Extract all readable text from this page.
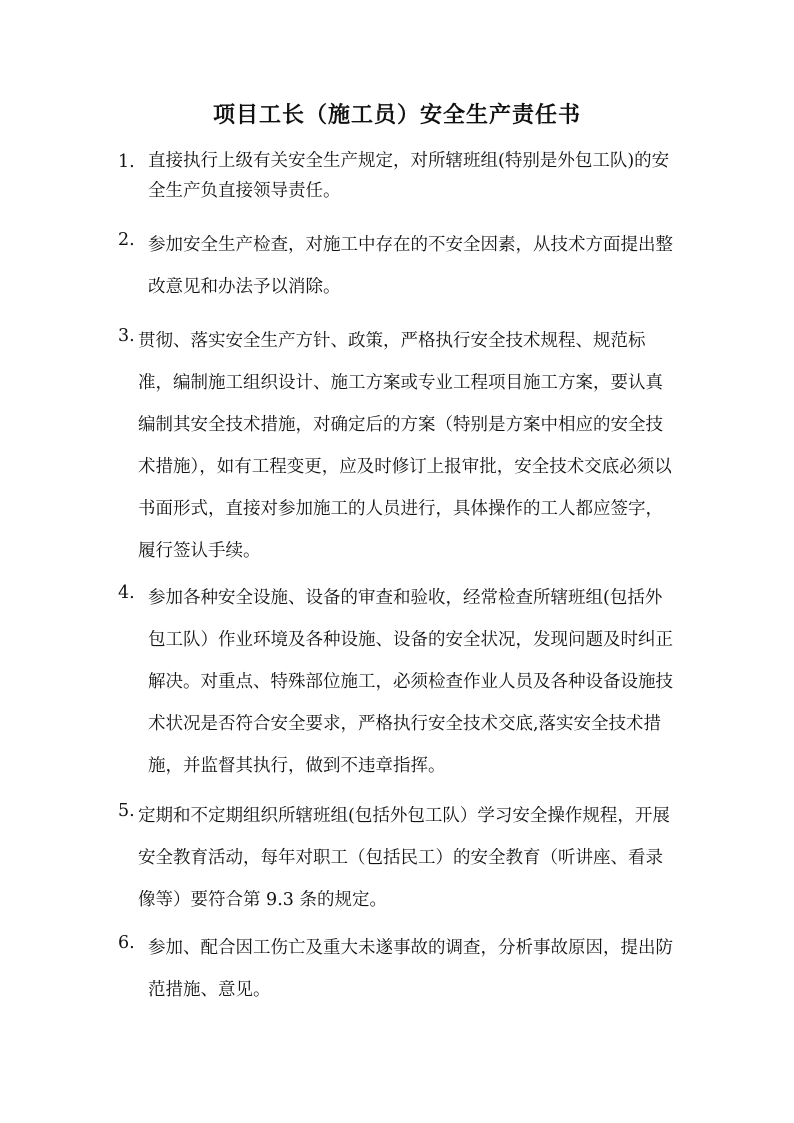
项目工长（施工员）安全生产责任书
1. 直接执行上级有关安全生产规定，对所辖班组(特别是外包工队)的安全生产负直接领导责任。
2. 参加安全生产检查，对施工中存在的不安全因素，从技术方面提出整改意见和办法予以消除。
3. 贯彻、落实安全生产方针、政策，严格执行安全技术规程、规范标准，编制施工组织设计、施工方案或专业工程项目施工方案，要认真编制其安全技术措施，对确定后的方案（特别是方案中相应的安全技术措施），如有工程变更，应及时修订上报审批，安全技术交底必须以书面形式，直接对参加施工的人员进行，具体操作的工人都应签字，履行签认手续。
4. 参加各种安全设施、设备的审查和验收，经常检查所辖班组(包括外包工队）作业环境及各种设施、设备的安全状况，发现问题及时纠正解决。对重点、特殊部位施工，必须检查作业人员及各种设备设施技术状况是否符合安全要求，严格执行安全技术交底,落实安全技术措施，并监督其执行，做到不违章指挥。
5. 定期和不定期组织所辖班组(包括外包工队）学习安全操作规程，开展安全教育活动，每年对职工（包括民工）的安全教育（听讲座、看录像等）要符合第 9.3 条的规定。
6. 参加、配合因工伤亡及重大未遂事故的调查，分析事故原因，提出防范措施、意见。
